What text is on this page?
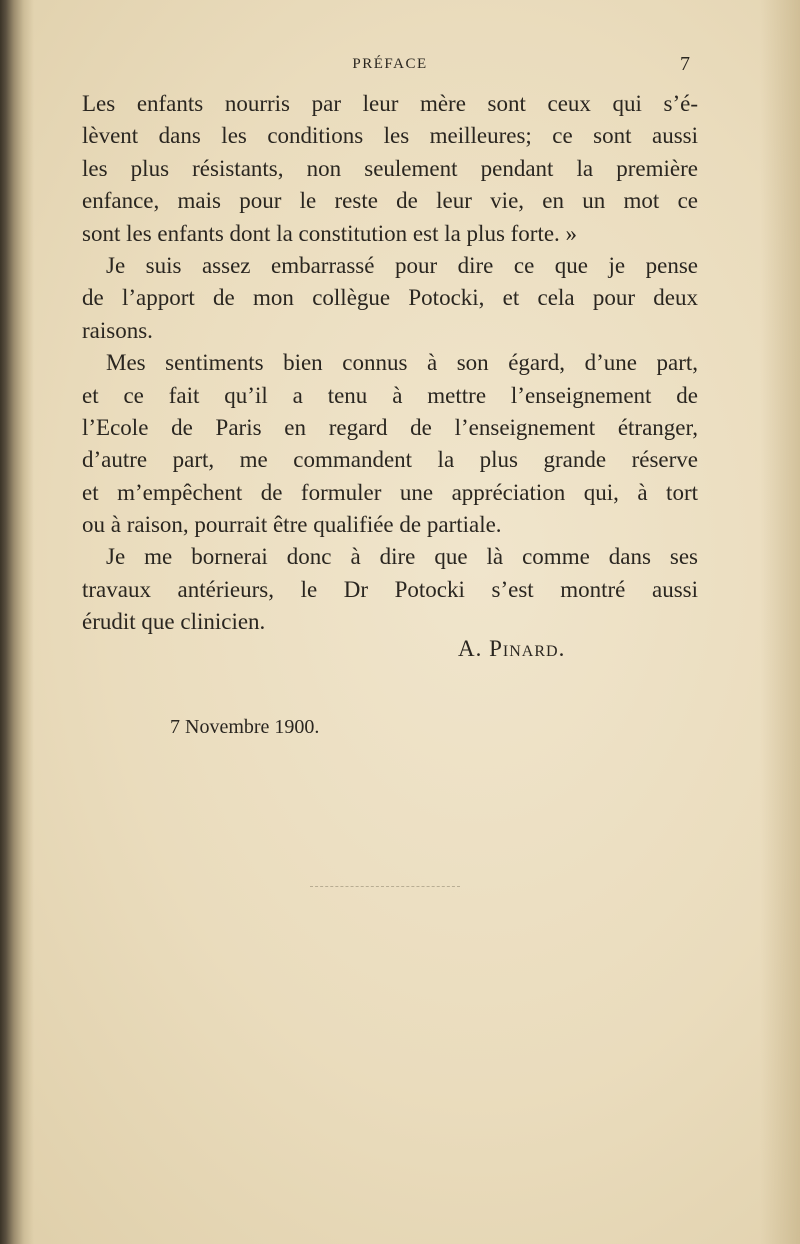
PRÉFACE	7
Les enfants nourris par leur mère sont ceux qui s’é-
lèvent dans les conditions les meilleures; ce sont aussi
les plus résistants, non seulement pendant la première
enfance, mais pour le reste de leur vie, en un mot ce
sont les enfants dont la constitution est la plus forte. »
Je suis assez embarrassé pour dire ce que je pense
de l’apport de mon collègue Potocki, et cela pour deux
raisons.
Mes sentiments bien connus à son égard, d’une part,
et ce fait qu’il a tenu à mettre l’enseignement de
l’Ecole de Paris en regard de l’enseignement étranger,
d’autre part, me commandent la plus grande réserve
et m’empêchent de formuler une appréciation qui, à tort
ou à raison, pourrait être qualifiée de partiale.
Je me bornerai donc à dire que là comme dans ses
travaux antérieurs, le Dr Potocki s’est montré aussi
érudit que clinicien.
A. Pinard.
7 Novembre 1900.
